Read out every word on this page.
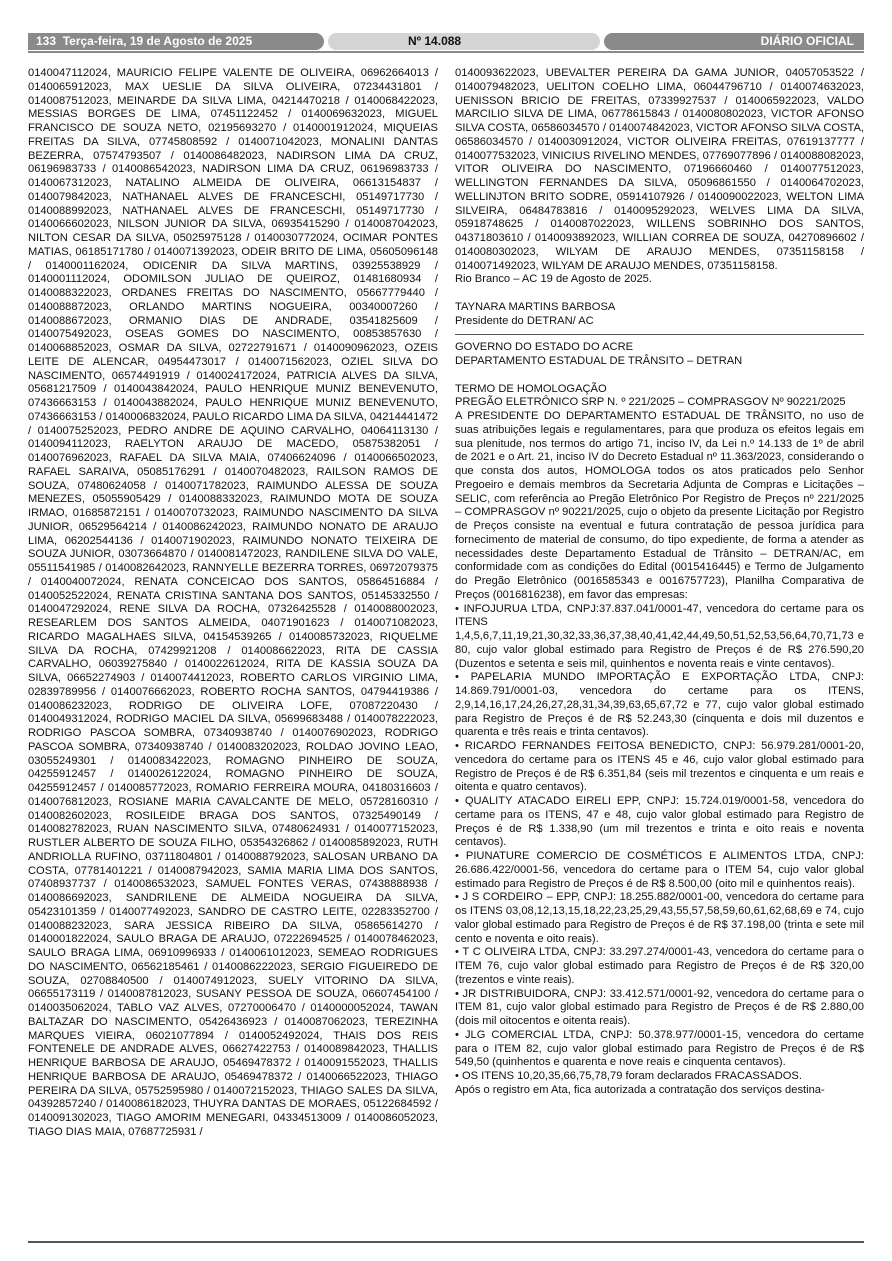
133 Terça-feira, 19 de Agosto de 2025	Nº 14.088	DIÁRIO OFICIAL

0140047112024, MAURICIO FELIPE VALENTE DE OLIVEIRA, 06962664013 / 0140065912023, MAX UESLIE DA SILVA OLIVEIRA, 07234431801 / 0140087512023, MEINARDE DA SILVA LIMA, 04214470218 / 0140068422023, MESSIAS BORGES DE LIMA, 07451122452 / 0140069632023, MIGUEL FRANCISCO DE SOUZA NETO, 02195693270 / 0140001912024, MIQUEIAS FREITAS DA SILVA, 07745808592 / 0140071042023, MONALINI DANTAS BEZERRA, 07574793507 / 0140086482023, NADIRSON LIMA DA CRUZ, 06196983733 / 0140086542023, NADIRSON LIMA DA CRUZ, 06196983733 / 0140067312023, NATALINO ALMEIDA DE OLIVEIRA, 06613154837 / 0140079842023, NATHANAEL ALVES DE FRANCESCHI, 05149717730 / 0140088992023, NATHANAEL ALVES DE FRANCESCHI, 05149717730 / 0140066602023, NILSON JUNIOR DA SILVA, 06935415290 / 0140087042023, NILTON CESAR DA SILVA, 05025975128 / 0140030772024, OCIMAR PONTES MATIAS, 06185171780 / 0140071392023, ODEIR BRITO DE LIMA, 05605096148 / 0140001162024, ODICENIR DA SILVA MARTINS, 03925538929 / 0140001112024, ODOMILSON JULIAO DE QUEIROZ, 01481680934 / 0140088322023, ORDANES FREITAS DO NASCIMENTO, 05667779440 / 0140088872023, ORLANDO MARTINS NOGUEIRA, 00340007260 / 0140088672023, ORMANIO DIAS DE ANDRADE, 03541825609 / 0140075492023, OSEAS GOMES DO NASCIMENTO, 00853857630 / 0140068852023, OSMAR DA SILVA, 02722791671 / 0140090962023, OZEIS LEITE DE ALENCAR, 04954473017 / 0140071562023, OZIEL SILVA DO NASCIMENTO, 06574491919 / 0140024172024, PATRICIA ALVES DA SILVA, 05681217509 / 0140043842024, PAULO HENRIQUE MUNIZ BENEVENUTO, 07436663153 / 0140043882024, PAULO HENRIQUE MUNIZ BENEVENUTO, 07436663153 / 0140006832024, PAULO RICARDO LIMA DA SILVA, 04214441472 / 0140075252023, PEDRO ANDRE DE AQUINO CARVALHO, 04064113130 / 0140094112023, RAELYTON ARAUJO DE MACEDO, 05875382051 / 0140076962023, RAFAEL DA SILVA MAIA, 07406624096 / 0140066502023, RAFAEL SARAIVA, 05085176291 / 0140070482023, RAILSON RAMOS DE SOUZA, 07480624058 / 0140071782023, RAIMUNDO ALESSA DE SOUZA MENEZES, 05055905429 / 0140088332023, RAIMUNDO MOTA DE SOUZA IRMAO, 01685872151 / 0140070732023, RAIMUNDO NASCIMENTO DA SILVA JUNIOR, 06529564214 / 0140086242023, RAIMUNDO NONATO DE ARAUJO LIMA, 06202544136 / 0140071902023, RAIMUNDO NONATO TEIXEIRA DE SOUZA JUNIOR, 03073664870 / 0140081472023, RANDILENE SILVA DO VALE, 05511541985 / 0140082642023, RANNYELLE BEZERRA TORRES, 06972079375 / 0140040072024, RENATA CONCEICAO DOS SANTOS, 05864516884 / 0140052522024, RENATA CRISTINA SANTANA DOS SANTOS, 05145332550 / 0140047292024, RENE SILVA DA ROCHA, 07326425528 / 0140088002023, RESEARLEM DOS SANTOS ALMEIDA, 04071901623 / 0140071082023, RICARDO MAGALHAES SILVA, 04154539265 / 0140085732023, RIQUELME SILVA DA ROCHA, 07429921208 / 0140086622023, RITA DE CASSIA CARVALHO, 06039275840 / 0140022612024, RITA DE KASSIA SOUZA DA SILVA, 06652274903 / 0140074412023, ROBERTO CARLOS VIRGINIO LIMA, 02839789956 / 0140076662023, ROBERTO ROCHA SANTOS, 04794419386 / 0140086232023, RODRIGO DE OLIVEIRA LOFE, 07087220430 / 0140049312024, RODRIGO MACIEL DA SILVA, 05699683488 / 0140078222023, RODRIGO PASCOA SOMBRA, 07340938740 / 0140076902023, RODRIGO PASCOA SOMBRA, 07340938740 / 0140083202023, ROLDAO JOVINO LEAO, 03055249301 / 0140083422023, ROMAGNO PINHEIRO DE SOUZA, 04255912457 / 0140026122024, ROMAGNO PINHEIRO DE SOUZA, 04255912457 / 0140085772023, ROMARIO FERREIRA MOURA, 04180316603 / 0140076812023, ROSIANE MARIA CAVALCANTE DE MELO, 05728160310 / 0140082602023, ROSILEIDE BRAGA DOS SANTOS, 07325490149 / 0140082782023, RUAN NASCIMENTO SILVA, 07480624931 / 0140077152023, RUSTLER ALBERTO DE SOUZA FILHO, 05354326862 / 0140085892023, RUTH ANDRIOLLA RUFINO, 03711804801 / 0140088792023, SALOSAN URBANO DA COSTA, 07781401221 / 0140087942023, SAMIA MARIA LIMA DOS SANTOS, 07408937737 / 0140086532023, SAMUEL FONTES VERAS, 07438888938 / 0140086692023, SANDRILENE DE ALMEIDA NOGUEIRA DA SILVA, 05423101359 / 0140077492023, SANDRO DE CASTRO LEITE, 02283352700 / 0140088232023, SARA JESSICA RIBEIRO DA SILVA, 05865614270 / 0140001822024, SAULO BRAGA DE ARAUJO, 07222694525 / 0140078462023, SAULO BRAGA LIMA, 06910996933 / 0140061012023, SEMEAO RODRIGUES DO NASCIMENTO, 06562185461 / 0140086222023, SERGIO FIGUEIREDO DE SOUZA, 02708840500 / 0140074912023, SUELY VITORINO DA SILVA, 06655173119 / 0140087812023, SUSANY PESSOA DE SOUZA, 06607454100 / 0140035062024, TABLO VAZ ALVES, 07270006470 / 0140000052024, TAWAN BALTAZAR DO NASCIMENTO, 05426436923 / 0140087062023, TEREZINHA MARQUES VIEIRA, 06021077894 / 0140052492024, THAIS DOS REIS FONTENELE DE ANDRADE ALVES, 06627422753 / 0140089842023, THALLIS HENRIQUE BARBOSA DE ARAUJO, 05469478372 / 0140091552023, THALLIS HENRIQUE BARBOSA DE ARAUJO, 05469478372 / 0140066522023, THIAGO PEREIRA DA SILVA, 05752595980 / 0140072152023, THIAGO SALES DA SILVA, 04392857240 / 0140086182023, THUYRA DANTAS DE MORAES, 05122684592 / 0140091302023, TIAGO AMORIM MENEGARI, 04334513009 / 0140086052023, TIAGO DIAS MAIA, 07687725931 /

0140093622023, UBEVALTER PEREIRA DA GAMA JUNIOR, 04057053522 / 0140079482023, UELITON COELHO LIMA, 06044796710 / 0140074632023, UENISSON BRICIO DE FREITAS, 07339927537 / 0140065922023, VALDO MARCILIO SILVA DE LIMA, 06778615843 / 0140080802023, VICTOR AFONSO SILVA COSTA, 06586034570 / 0140074842023, VICTOR AFONSO SILVA COSTA, 06586034570 / 0140030912024, VICTOR OLIVEIRA FREITAS, 07619137777 / 0140077532023, VINICIUS RIVELINO MENDES, 07769077896 / 0140088082023, VITOR OLIVEIRA DO NASCIMENTO, 07196660460 / 0140077512023, WELLINGTON FERNANDES DA SILVA, 05096861550 / 0140064702023, WELLINJTON BRITO SODRE, 05914107926 / 0140090022023, WELTON LIMA SILVEIRA, 06484783816 / 0140095292023, WELVES LIMA DA SILVA, 05918748625 / 0140087022023, WILLENS SOBRINHO DOS SANTOS, 04371803610 / 0140093892023, WILLIAN CORREA DE SOUZA, 04270896602 / 0140080302023, WILYAM DE ARAUJO MENDES, 07351158158 / 0140071492023, WILYAM DE ARAUJO MENDES, 07351158158.

Rio Branco – AC 19 de Agosto de 2025.

TAYNARA MARTINS BARBOSA

Presidente do DETRAN/ AC

GOVERNO DO ESTADO DO ACRE

DEPARTAMENTO ESTADUAL DE TRÂNSITO – DETRAN

TERMO DE HOMOLOGAÇÃO

PREGÃO ELETRÔNICO SRP N. º 221/2025 – COMPRASGOV Nº 90221/2025

A PRESIDENTE DO DEPARTAMENTO ESTADUAL DE TRÂNSITO, no uso de suas atribuições legais e regulamentares, para que produza os efeitos legais em sua plenitude, nos termos do artigo 71, inciso IV, da Lei n.º 14.133 de 1º de abril de 2021 e o Art. 21, inciso IV do Decreto Estadual nº 11.363/2023, considerando o que consta dos autos, HOMOLOGA todos os atos praticados pelo Senhor Pregoeiro e demais membros da Secretaria Adjunta de Compras e Licitações – SELIC, com referência ao Pregão Eletrônico Por Registro de Preços nº 221/2025 – COMPRASGOV nº 90221/2025, cujo o objeto da presente Licitação por Registro de Preços consiste na eventual e futura contratação de pessoa jurídica para fornecimento de material de consumo, do tipo expediente, de forma a atender as necessidades deste Departamento Estadual de Trânsito – DETRAN/AC, em conformidade com as condições do Edital (0015416445) e Termo de Julgamento do Pregão Eletrônico (0016585343 e 0016757723), Planilha Comparativa de Preços (0016816238), em favor das empresas:

• INFOJURUA LTDA, CNPJ:37.837.041/0001-47, vencedora do certame para os ITENS 1,4,5,6,7,11,19,21,30,32,33,36,37,38,40,41,42,44,49,50,51,52,53,56,64,70,71,73 e 80, cujo valor global estimado para Registro de Preços é de R$ 276.590,20 (Duzentos e setenta e seis mil, quinhentos e noventa reais e vinte centavos).

• PAPELARIA MUNDO IMPORTAÇÃO E EXPORTAÇÃO LTDA, CNPJ: 14.869.791/0001-03, vencedora do certame para os ITENS, 2,9,14,16,17,24,26,27,28,31,34,39,63,65,67,72 e 77, cujo valor global estimado para Registro de Preços é de R$ 52.243,30 (cinquenta e dois mil duzentos e quarenta e três reais e trinta centavos).

• RICARDO FERNANDES FEITOSA BENEDICTO, CNPJ: 56.979.281/0001-20, vencedora do certame para os ITENS 45 e 46, cujo valor global estimado para Registro de Preços é de R$ 6.351,84 (seis mil trezentos e cinquenta e um reais e oitenta e quatro centavos).

• QUALITY ATACADO EIRELI EPP, CNPJ: 15.724.019/0001-58, vencedora do certame para os ITENS, 47 e 48, cujo valor global estimado para Registro de Preços é de R$ 1.338,90 (um mil trezentos e trinta e oito reais e noventa centavos).

• PIUNATURE COMERCIO DE COSMÉTICOS E ALIMENTOS LTDA, CNPJ: 26.686.422/0001-56, vencedora do certame para o ITEM 54, cujo valor global estimado para Registro de Preços é de R$ 8.500,00 (oito mil e quinhentos reais).

• J S CORDEIRO – EPP, CNPJ: 18.255.882/0001-00, vencedora do certame para os ITENS 03,08,12,13,15,18,22,23,25,29,43,55,57,58,59,60,61,62,68,69 e 74, cujo valor global estimado para Registro de Preços é de R$ 37.198,00 (trinta e sete mil cento e noventa e oito reais).

• T C OLIVEIRA LTDA, CNPJ: 33.297.274/0001-43, vencedora do certame para o ITEM 76, cujo valor global estimado para Registro de Preços é de R$ 320,00 (trezentos e vinte reais).

• JR DISTRIBUIDORA, CNPJ: 33.412.571/0001-92, vencedora do certame para o ITEM 81, cujo valor global estimado para Registro de Preços é de R$ 2.880,00 (dois mil oitocentos e oitenta reais).

• JLG COMERCIAL LTDA, CNPJ: 50.378.977/0001-15, vencedora do certame para o ITEM 82, cujo valor global estimado para Registro de Preços é de R$ 549,50 (quinhentos e quarenta e nove reais e cinquenta centavos).

• OS ITENS 10,20,35,66,75,78,79 foram declarados FRACASSADOS.

Após o registro em Ata, fica autorizada a contratação dos serviços destina-
